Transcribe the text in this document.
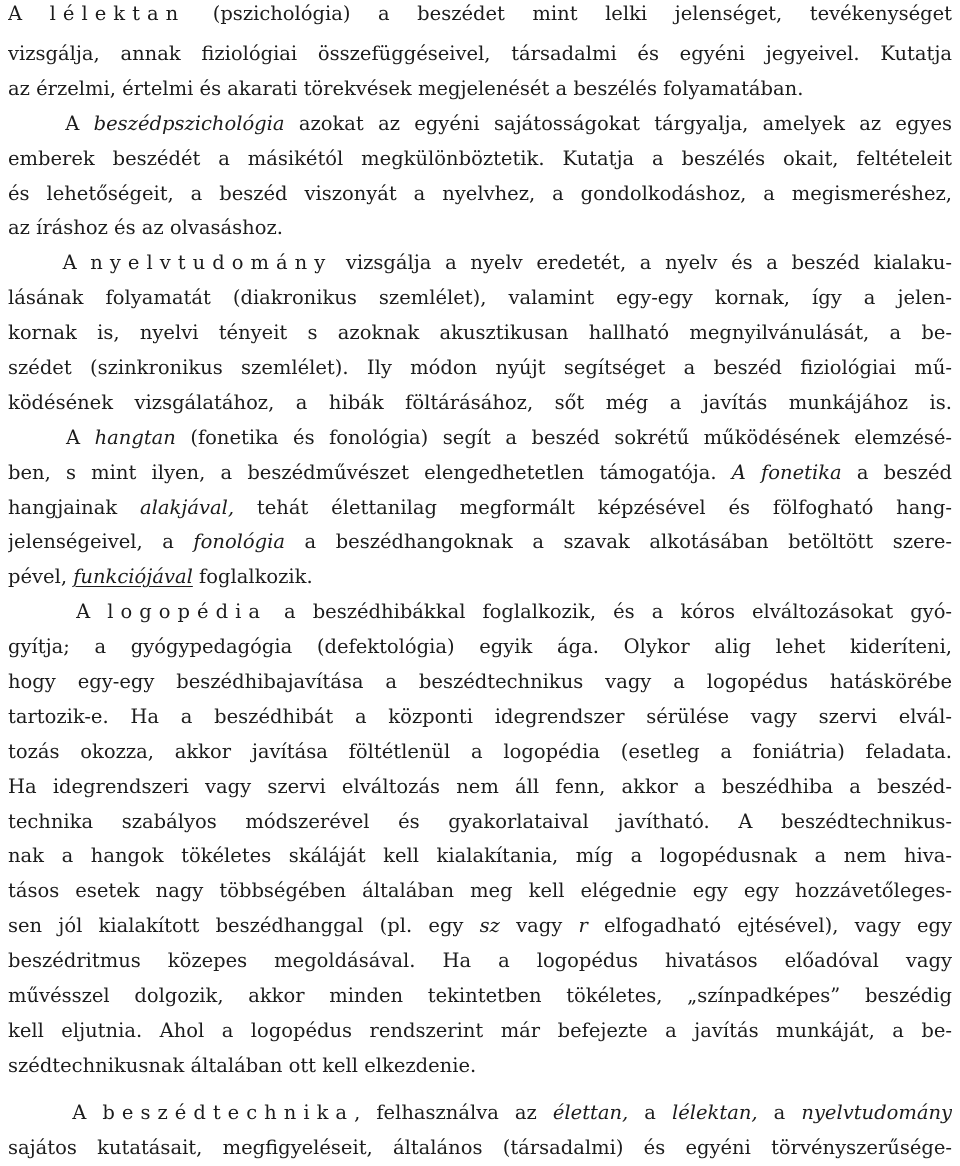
A lélektan (pszichológia) a beszédet mint lelki jelenséget, tevékenységet
vizsgálja, annak fiziológiai összefüggéseivel, társadalmi és egyéni jegyeivel. Kutatja
az érzelmi, értelmi és akarati törekvések megjelenését a beszélés folyamatában.
A beszédpszichológia azokat az egyéni sajátosságokat tárgyalja, amelyek az egyes
emberek beszédét a másikétól megkülönböztetik. Kutatja a beszélés okait, feltételeit
és lehetőségeit, a beszéd viszonyát a nyelvhez, a gondolkodáshoz, a megismeréshez,
az íráshoz és az olvasáshoz.
A nyelvtudomány vizsgálja a nyelv eredetét, a nyelv és a beszéd kialaku-
lásának folyamatát (diakronikus szemlélet), valamint egy-egy kornak, így a jelen-
kornak is, nyelvi tényeit s azoknak akusztikusan hallható megnyilvánulását, a be-
szédet (szinkronikus szemlélet). Ily módon nyújt segítséget a beszéd fiziológiai mű-
ködésének vizsgálatához, a hibák föltárásához, sőt még a javítás munkájához is.
A hangtan (fonetika és fonológia) segít a beszéd sokrétű működésének elemzésé-
ben, s mint ilyen, a beszédművészet elengedhetetlen támogatója. A fonetika a beszéd
hangjainak alakjával, tehát élettanilag megformált képzésével és fölfogható hang-
jelenségeivel, a fonológia a beszédhangoknak a szavak alkotásában betöltött szere-
pével, funkciójával foglalkozik.
A logopédia a beszédhibákkal foglalkozik, és a kóros elváltozásokat gyó-
gyítja; a gyógypedagógia (defektológia) egyik ága. Olykor alig lehet kideríteni,
hogy egy-egy beszédhibajavítása a beszédtechnikus vagy a logopédus hatáskörébe
tartozik-e. Ha a beszédhibát a központi idegrendszer sérülése vagy szervi elvál-
tozás okozza, akkor javítása föltétlenül a logopédia (esetleg a foniátria) feladata.
Ha idegrendszeri vagy szervi elváltozás nem áll fenn, akkor a beszédhiba a beszéd-
technika szabályos módszerével és gyakorlataival javítható. A beszédtechnikus-
nak a hangok tökéletes skáláját kell kialakítania, míg a logopédusnak a nem hiva-
tásos esetek nagy többségében általában meg kell elégednie egy egy hozzávetőleges-
sen jól kialakított beszédhanggal (pl. egy sz vagy r elfogadható ejtésével), vagy egy
beszédritmus közepes megoldásával. Ha a logopédus hivatásos előadóval vagy
művésszel dolgozik, akkor minden tekintetben tökéletes, „színpadképes” beszédig
kell eljutnia. Ahol a logopédus rendszerint már befejezte a javítás munkáját, a be-
szédtechnikusnak általában ott kell elkezdenie.
A beszédtechnika, felhasználva az élettan, a lélektan, a nyelvtudomány
sajátos kutatásait, megfigyeléseit, általános (társadalmi) és egyéni törvényszerűsége-
